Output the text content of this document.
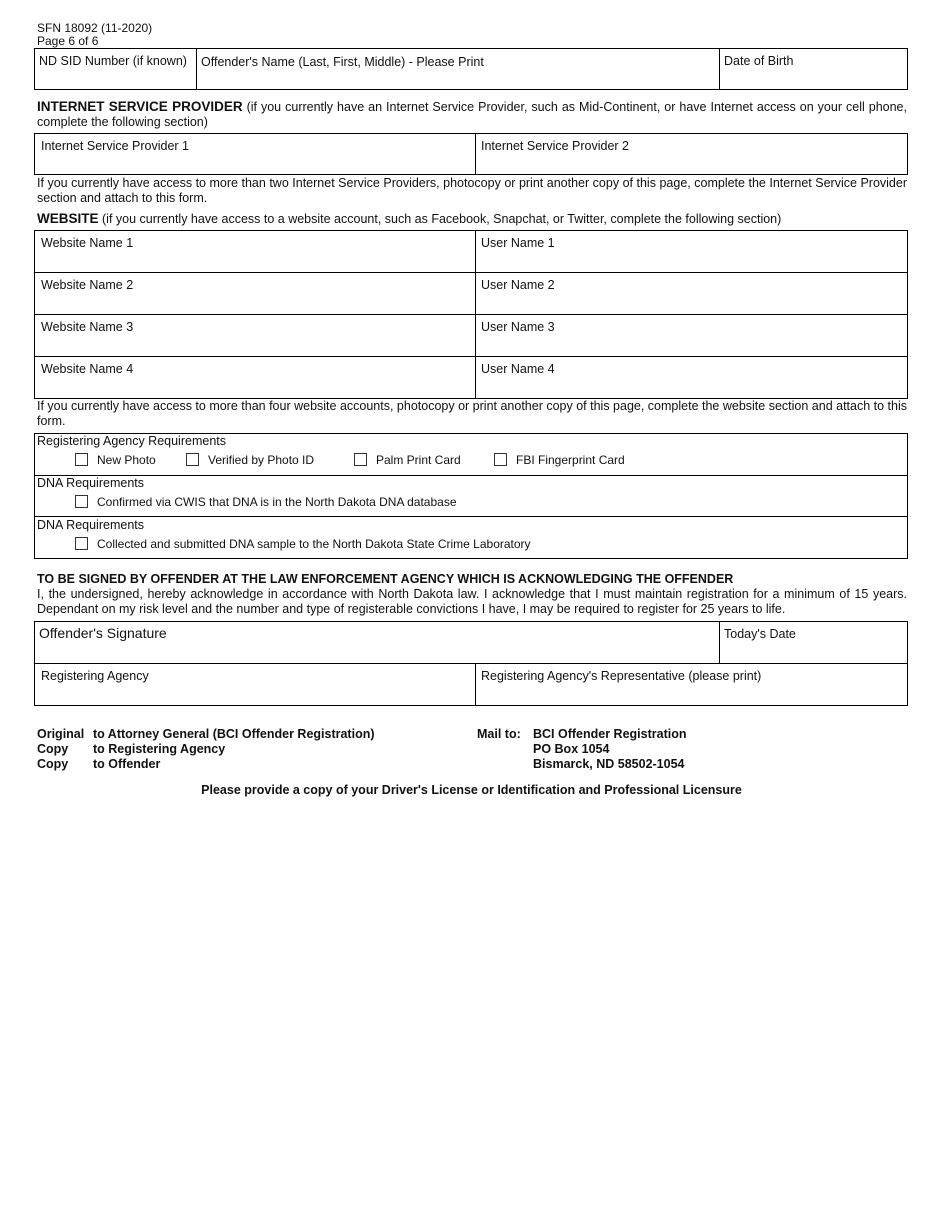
SFN 18092 (11-2020)
Page 6 of 6
ND SID Number (if known)	Offender's Name (Last, First, Middle) - Please Print	Date of Birth
INTERNET SERVICE PROVIDER (if you currently have an Internet Service Provider, such as Mid-Continent, or have Internet access on your cell phone, complete the following section)
Internet Service Provider 1	Internet Service Provider 2
If you currently have access to more than two Internet Service Providers, photocopy or print another copy of this page, complete the Internet Service Provider section and attach to this form.
WEBSITE (if you currently have access to a website account, such as Facebook, Snapchat, or Twitter, complete the following section)
Website Name 1	User Name 1
Website Name 2	User Name 2
Website Name 3	User Name 3
Website Name 4	User Name 4
If you currently have access to more than four website accounts, photocopy or print another copy of this page, complete the website section and attach to this form.
Registering Agency Requirements
New Photo	Verified by Photo ID	Palm Print Card	FBI Fingerprint Card
DNA Requirements
Confirmed via CWIS that DNA is in the North Dakota DNA database
DNA Requirements
Collected and submitted DNA sample to the North Dakota State Crime Laboratory
TO BE SIGNED BY OFFENDER AT THE LAW ENFORCEMENT AGENCY WHICH IS ACKNOWLEDGING THE OFFENDER
I, the undersigned, hereby acknowledge in accordance with North Dakota law. I acknowledge that I must maintain registration for a minimum of 15 years. Dependant on my risk level and the number and type of registerable convictions I have, I may be required to register for 25 years to life.
Offender's Signature	Today's Date
Registering Agency	Registering Agency's Representative (please print)
Original to Attorney General (BCI Offender Registration)
Copy to Registering Agency
Copy to Offender
Mail to: BCI Offender Registration
PO Box 1054
Bismarck, ND 58502-1054
Please provide a copy of your Driver's License or Identification and Professional Licensure
